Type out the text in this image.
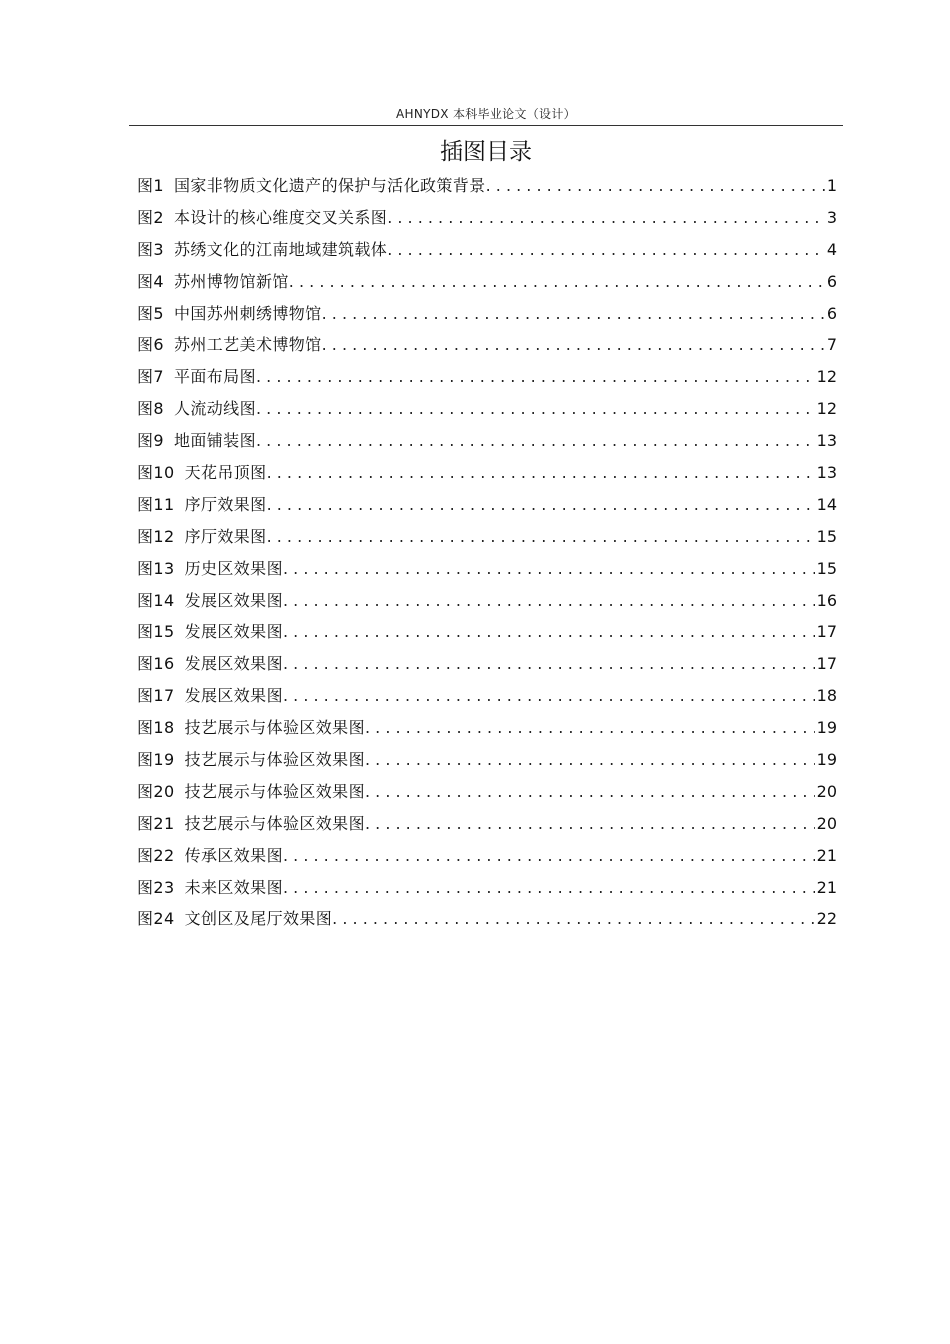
AHNYDX 本科毕业论文（设计）
插图目录
图1 国家非物质文化遗产的保护与活化政策背景 . . .	1
图2 本设计的核心维度交叉关系图 . . .	3
图3 苏绣文化的江南地域建筑载体 . . .	4
图4 苏州博物馆新馆 . . .	6
图5 中国苏州刺绣博物馆 . . .	6
图6 苏州工艺美术博物馆 . . .	7
图7 平面布局图 . . .	12
图8 人流动线图 . . .	12
图9 地面铺装图 . . .	13
图10 天花吊顶图 . . .	13
图11 序厅效果图 . . .	14
图12 序厅效果图 . . .	15
图13 历史区效果图 . . .	15
图14 发展区效果图 . . .	16
图15 发展区效果图 . . .	17
图16 发展区效果图 . . .	17
图17 发展区效果图 . . .	18
图18 技艺展示与体验区效果图 . . .	19
图19 技艺展示与体验区效果图 . . .	19
图20 技艺展示与体验区效果图 . . .	20
图21 技艺展示与体验区效果图 . . .	20
图22 传承区效果图 . . .	21
图23 未来区效果图 . . .	21
图24 文创区及尾厅效果图 . . .	22
